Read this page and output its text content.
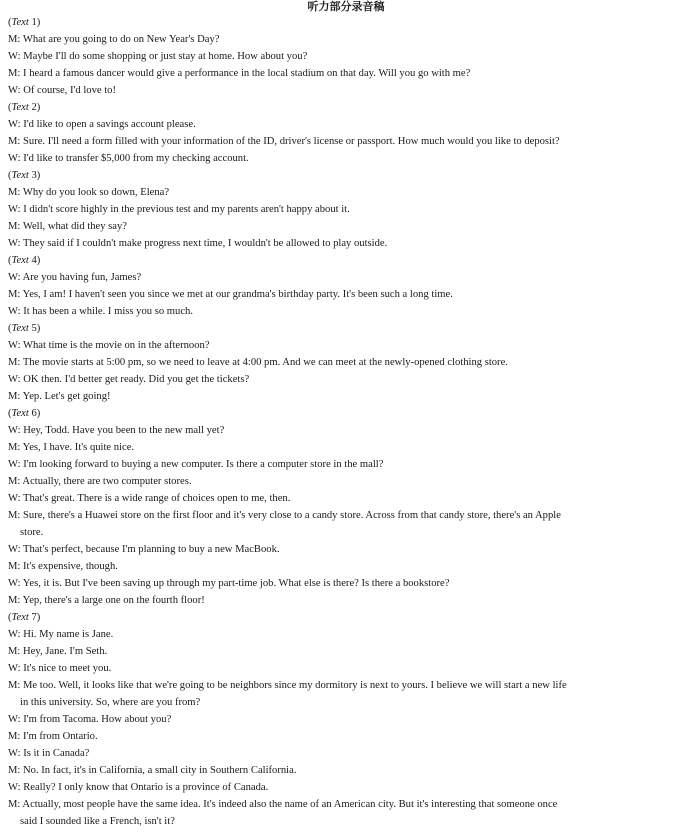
听力部分录音稿
(Text 1)
M: What are you going to do on New Year's Day?
W: Maybe I'll do some shopping or just stay at home. How about you?
M: I heard a famous dancer would give a performance in the local stadium on that day. Will you go with me?
W: Of course, I'd love to!
(Text 2)
W: I'd like to open a savings account please.
M: Sure. I'll need a form filled with your information of the ID, driver's license or passport. How much would you like to deposit?
W: I'd like to transfer $5,000 from my checking account.
(Text 3)
M: Why do you look so down, Elena?
W: I didn't score highly in the previous test and my parents aren't happy about it.
M: Well, what did they say?
W: They said if I couldn't make progress next time, I wouldn't be allowed to play outside.
(Text 4)
W: Are you having fun, James?
M: Yes, I am! I haven't seen you since we met at our grandma's birthday party. It's been such a long time.
W: It has been a while. I miss you so much.
(Text 5)
W: What time is the movie on in the afternoon?
M: The movie starts at 5:00 pm, so we need to leave at 4:00 pm. And we can meet at the newly-opened clothing store.
W: OK then. I'd better get ready. Did you get the tickets?
M: Yep. Let's get going!
(Text 6)
W: Hey, Todd. Have you been to the new mall yet?
M: Yes, I have. It's quite nice.
W: I'm looking forward to buying a new computer. Is there a computer store in the mall?
M: Actually, there are two computer stores.
W: That's great. There is a wide range of choices open to me, then.
M: Sure, there's a Huawei store on the first floor and it's very close to a candy store. Across from that candy store, there's an Apple
store.
W: That's perfect, because I'm planning to buy a new MacBook.
M: It's expensive, though.
W: Yes, it is. But I've been saving up through my part-time job. What else is there? Is there a bookstore?
M: Yep, there's a large one on the fourth floor!
(Text 7)
W: Hi. My name is Jane.
M: Hey, Jane. I'm Seth.
W: It's nice to meet you.
M: Me too. Well, it looks like that we're going to be neighbors since my dormitory is next to yours. I believe we will start a new life
in this university. So, where are you from?
W: I'm from Tacoma. How about you?
M: I'm from Ontario.
W: Is it in Canada?
M: No. In fact, it's in California, a small city in Southern California.
W: Really? I only know that Ontario is a province of Canada.
M: Actually, most people have the same idea. It's indeed also the name of an American city. But it's interesting that someone once
said I sounded like a French, isn't it?
